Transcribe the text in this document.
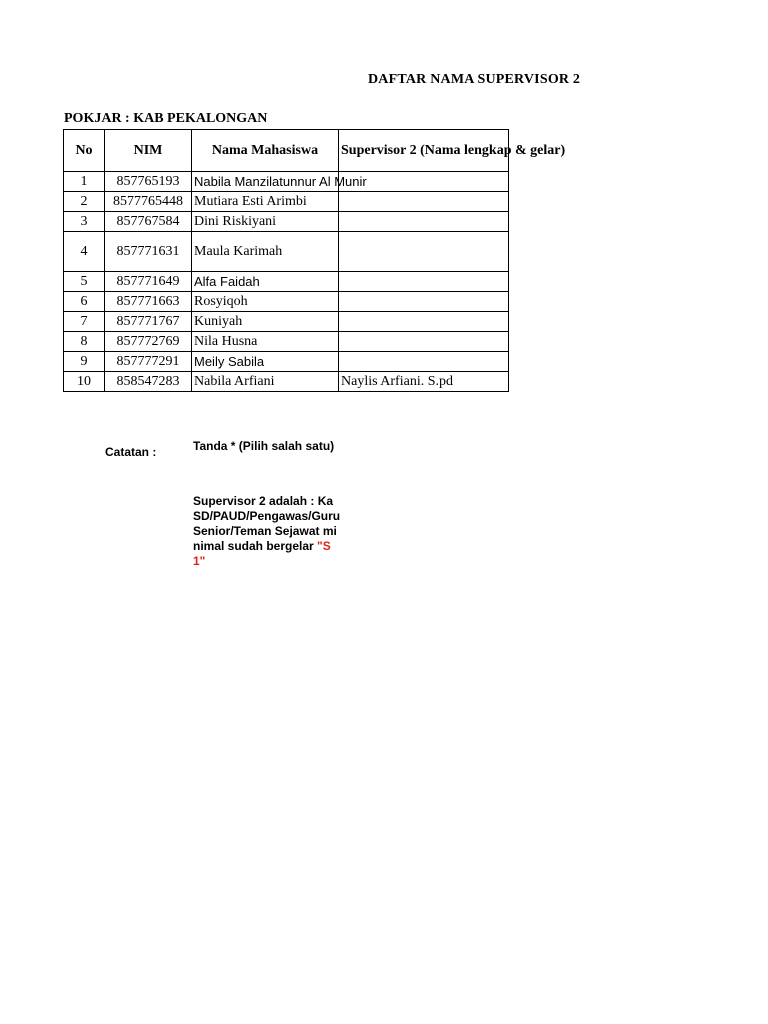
DAFTAR NAMA SUPERVISOR 2
POKJAR : KAB PEKALONGAN
No	NIM	Nama Mahasiswa	Supervisor 2 (Nama lengkap & gelar)
1	857765193	Nabila Manzilatunnur Al Munir	
2	8577765448	Mutiara Esti Arimbi	
3	857767584	Dini Riskiyani	
4	857771631	Maula Karimah	
5	857771649	Alfa Faidah	
6	857771663	Rosyiqoh	
7	857771767	Kuniyah	
8	857772769	Nila Husna	
9	857777291	Meily Sabila	
10	858547283	Nabila Arfiani	Naylis Arfiani. S.pd
Catatan :	Tanda * (Pilih salah satu)
Supervisor 2 adalah : KaSD/PAUD/Pengawas/Guru Senior/Teman Sejawat minimal sudah bergelar "S1"
